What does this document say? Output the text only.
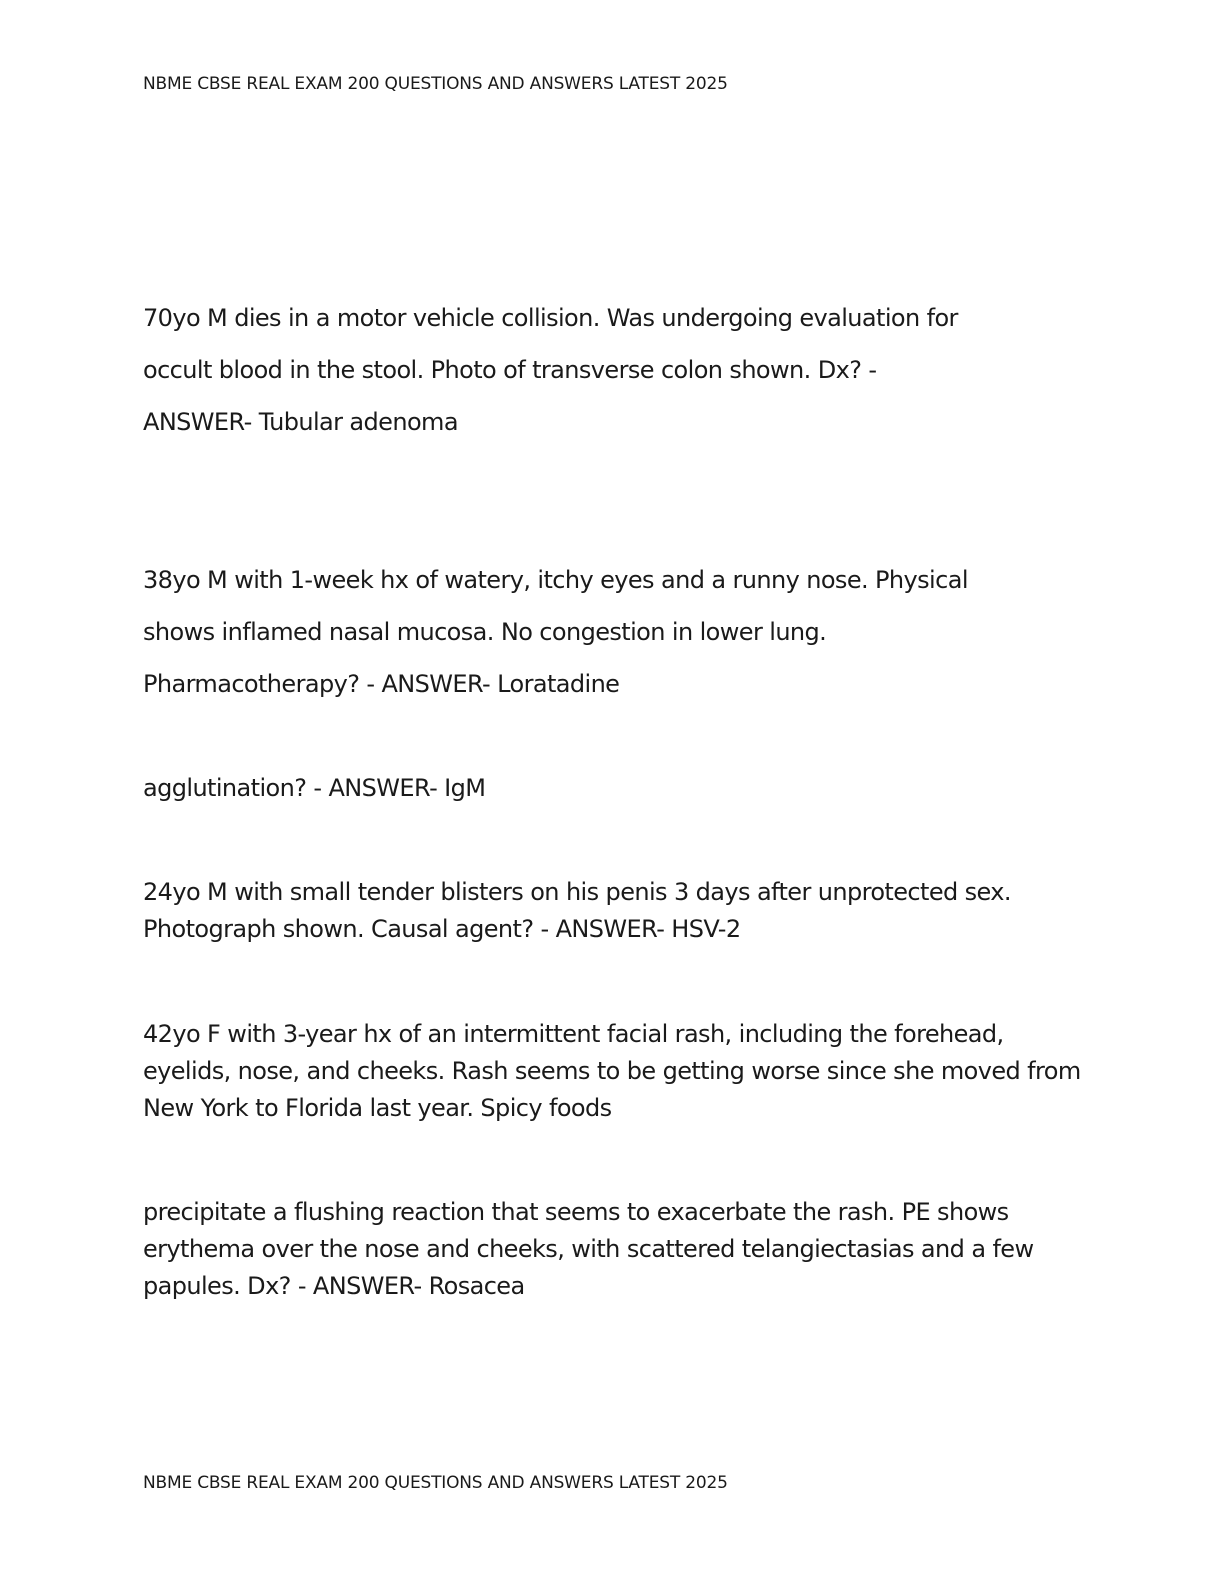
NBME CBSE REAL EXAM 200 QUESTIONS AND ANSWERS LATEST 2025
70yo M dies in a motor vehicle collision. Was undergoing evaluation for
occult blood in the stool. Photo of transverse colon shown. Dx? -
ANSWER- Tubular adenoma
38yo M with 1-week hx of watery, itchy eyes and a runny nose. Physical
shows inflamed nasal mucosa. No congestion in lower lung.
Pharmacotherapy? - ANSWER- Loratadine
agglutination? - ANSWER- IgM
24yo M with small tender blisters on his penis 3 days after unprotected sex.
Photograph shown. Causal agent? - ANSWER- HSV-2
42yo F with 3-year hx of an intermittent facial rash, including the forehead,
eyelids, nose, and cheeks. Rash seems to be getting worse since she moved from
New York to Florida last year. Spicy foods
precipitate a flushing reaction that seems to exacerbate the rash. PE shows
erythema over the nose and cheeks, with scattered telangiectasias and a few
papules. Dx? - ANSWER- Rosacea
NBME CBSE REAL EXAM 200 QUESTIONS AND ANSWERS LATEST 2025
